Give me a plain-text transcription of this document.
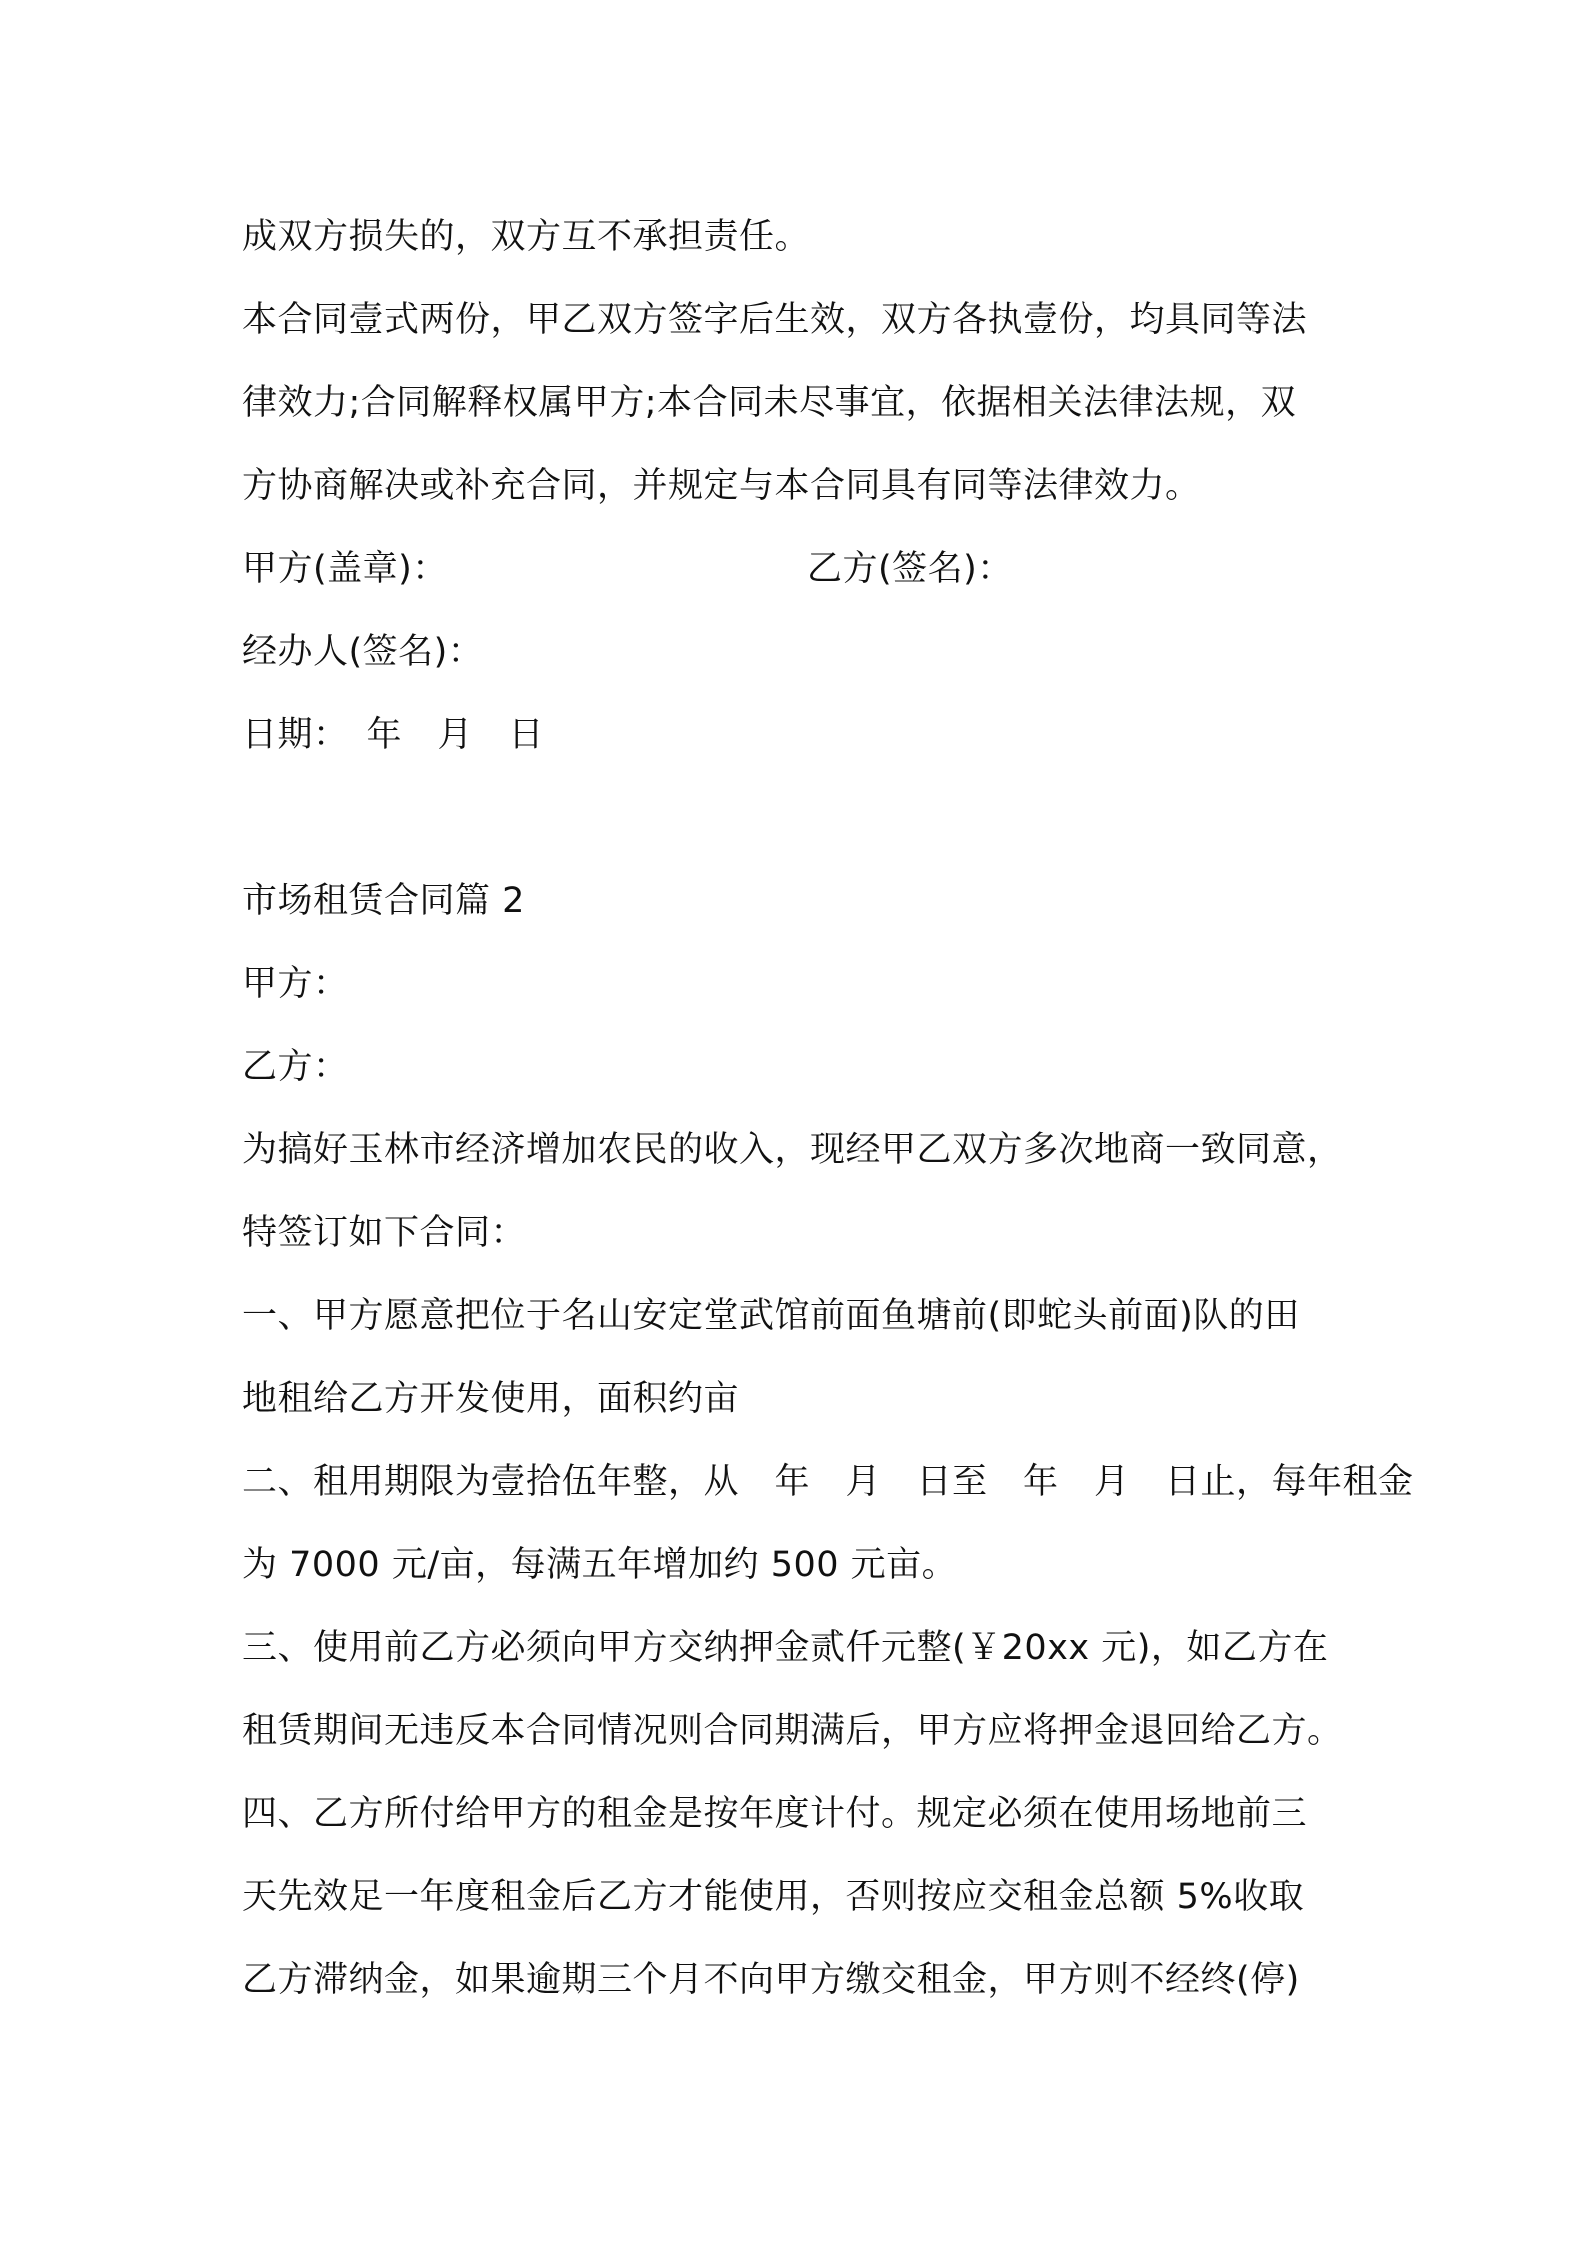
成双方损失的，双方互不承担责任。
本合同壹式两份，甲乙双方签字后生效，双方各执壹份，均具同等法
律效力;合同解释权属甲方;本合同未尽事宜，依据相关法律法规，双
方协商解决或补充合同，并规定与本合同具有同等法律效力。
甲方(盖章)：	乙方(签名)：
经办人(签名)：
日期：　年　月　日
市场租赁合同篇 2
甲方：
乙方：
为搞好玉林市经济增加农民的收入，现经甲乙双方多次地商一致同意，
特签订如下合同：
一、甲方愿意把位于名山安定堂武馆前面鱼塘前(即蛇头前面)队的田
地租给乙方开发使用，面积约亩
二、租用期限为壹拾伍年整，从　年　月　日至　年　月　日止，每年租金
为 7000 元/亩，每满五年增加约 500 元亩。
三、使用前乙方必须向甲方交纳押金贰仟元整(￥20xx 元)，如乙方在
租赁期间无违反本合同情况则合同期满后，甲方应将押金退回给乙方。
四、乙方所付给甲方的租金是按年度计付。规定必须在使用场地前三
天先效足一年度租金后乙方才能使用，否则按应交租金总额 5%收取
乙方滞纳金，如果逾期三个月不向甲方缴交租金，甲方则不经终(停)
